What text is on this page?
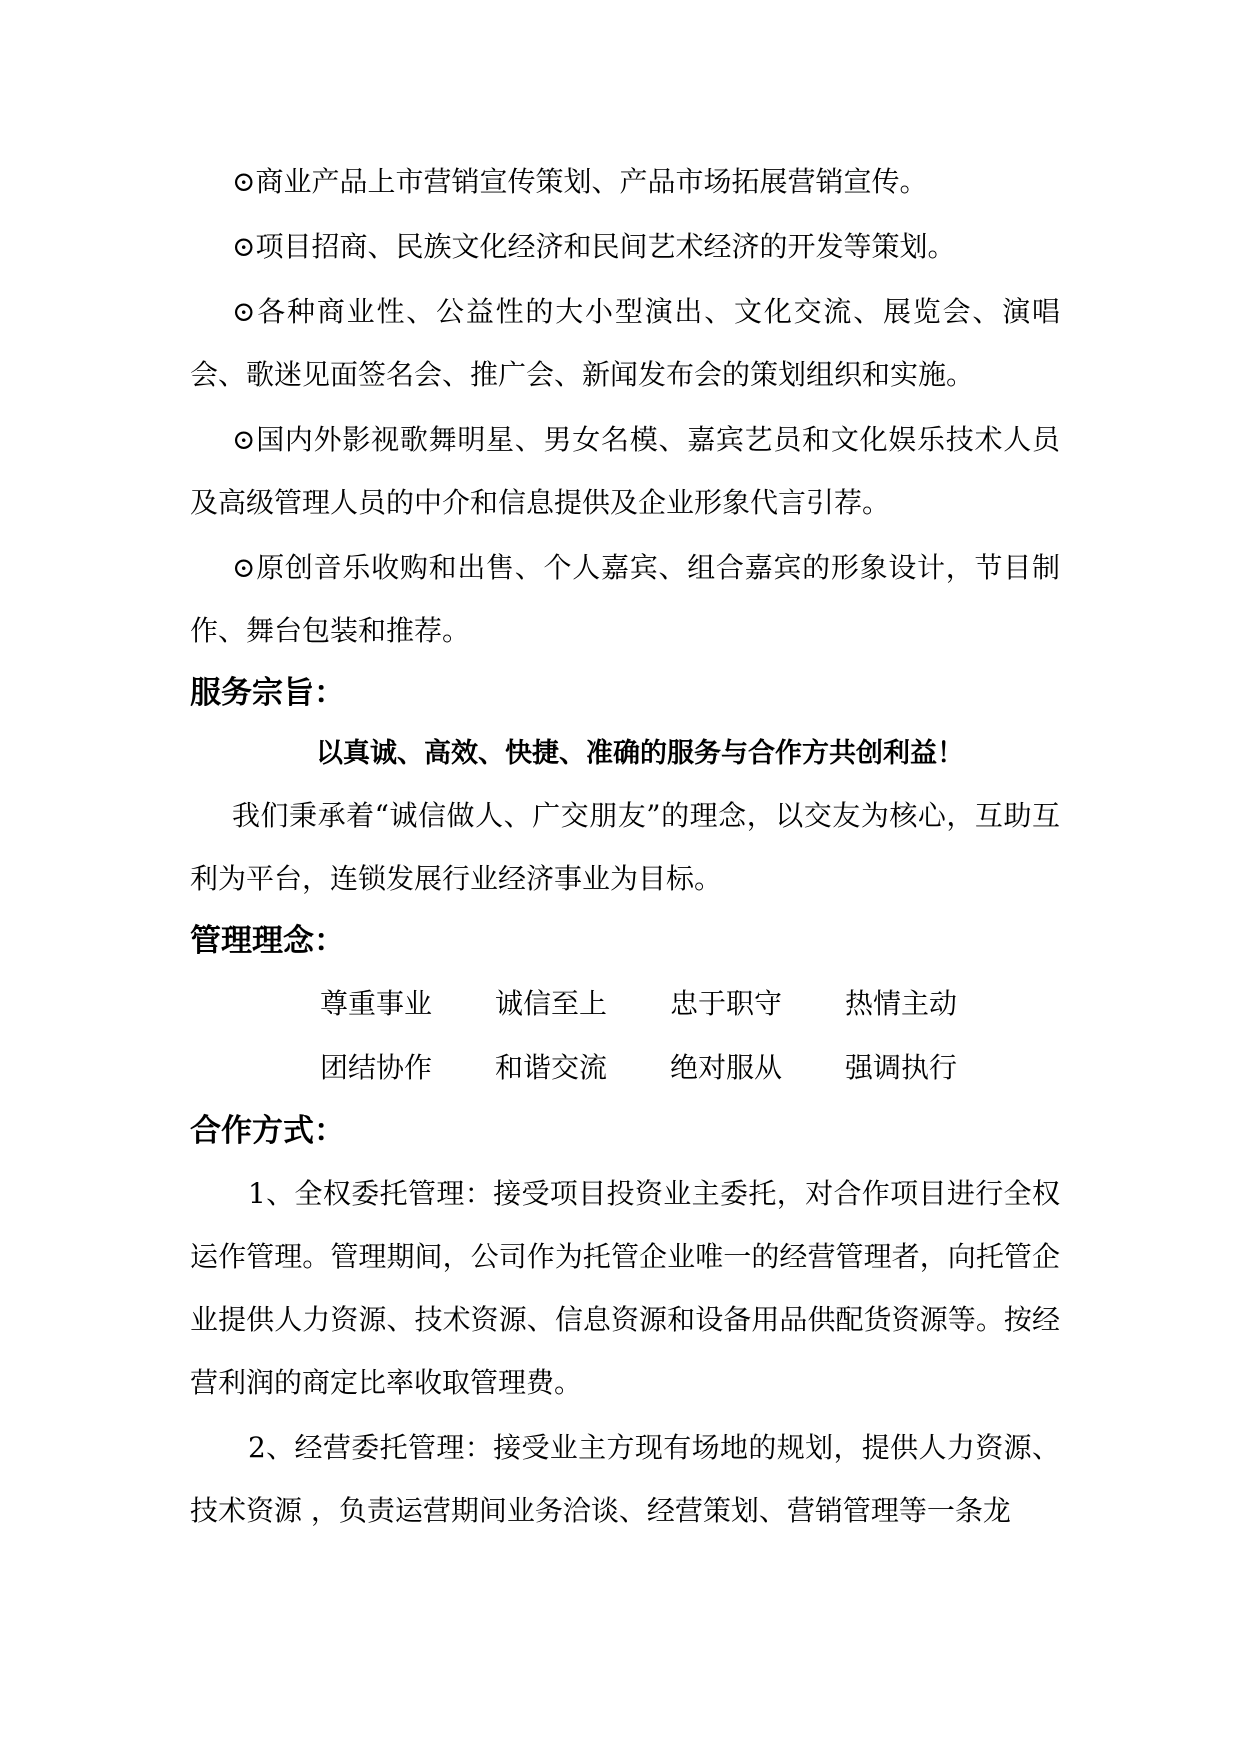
⊙商业产品上市营销宣传策划、产品市场拓展营销宣传。

⊙项目招商、民族文化经济和民间艺术经济的开发等策划。

⊙各种商业性、公益性的大小型演出、文化交流、展览会、演唱会、歌迷见面签名会、推广会、新闻发布会的策划组织和实施。

⊙国内外影视歌舞明星、男女名模、嘉宾艺员和文化娱乐技术人员及高级管理人员的中介和信息提供及企业形象代言引荐。

⊙原创音乐收购和出售、个人嘉宾、组合嘉宾的形象设计，节目制作、舞台包装和推荐。

服务宗旨：

以真诚、高效、快捷、准确的服务与合作方共创利益！

我们秉承着“诚信做人、广交朋友”的理念，以交友为核心，互助互利为平台，连锁发展行业经济事业为目标。

管理理念：

尊重事业	诚信至上	忠于职守	热情主动
团结协作	和谐交流	绝对服从	强调执行

合作方式：

1、全权委托管理：接受项目投资业主委托，对合作项目进行全权运作管理。管理期间，公司作为托管企业唯一的经营管理者，向托管企业提供人力资源、技术资源、信息资源和设备用品供配货资源等。按经营利润的商定比率收取管理费。

2、经营委托管理：接受业主方现有场地的规划，提供人力资源、技术资源 ，负责运营期间业务洽谈、经营策划、营销管理等一条龙
